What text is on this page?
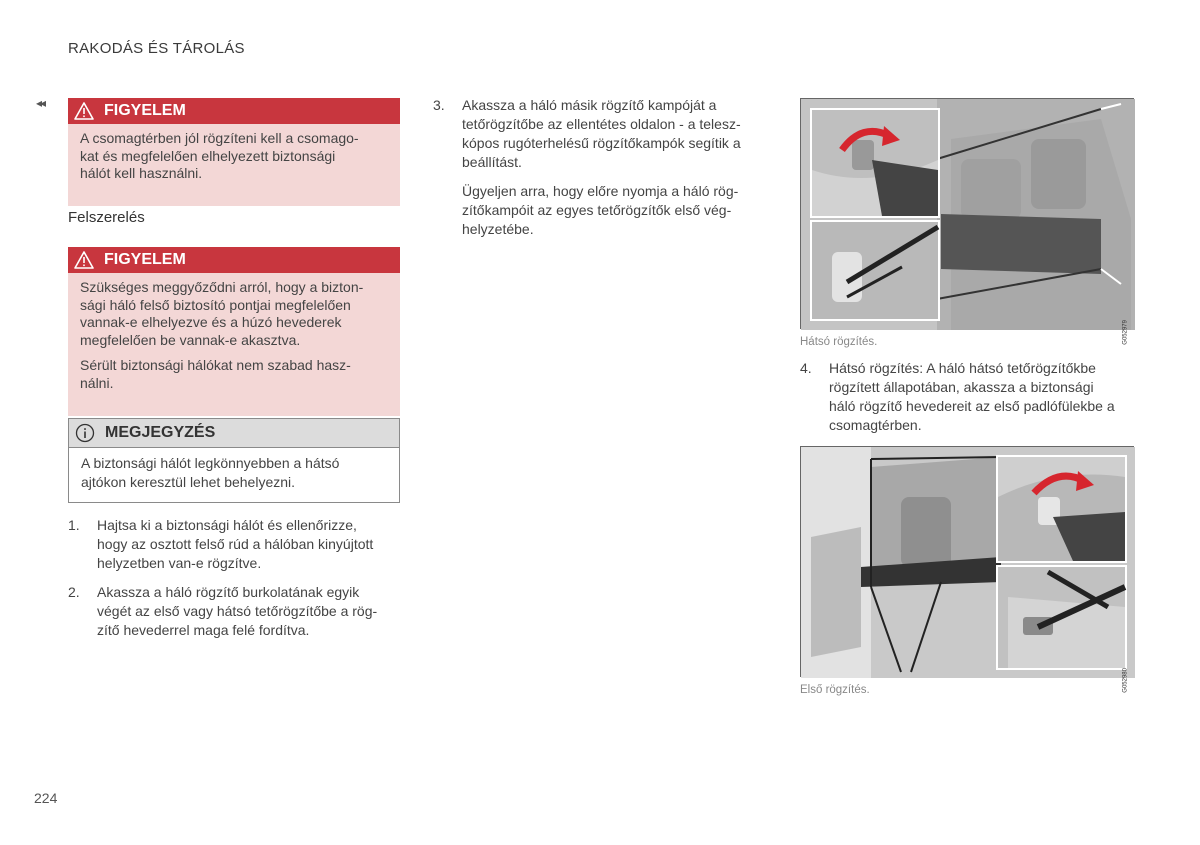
RAKODÁS ÉS TÁROLÁS
◂◂	FIGYELEM

A csomagtérben jól rögzíteni kell a csomago-
kat és megfelelően elhelyezett biztonsági
hálót kell használni.

Felszerelés
FIGYELEM

Szükséges meggyőződni arról, hogy a bizton-
sági háló felső biztosító pontjai megfelelően
vannak-e elhelyezve és a húzó hevederek
megfelelően be vannak-e akasztva.

Sérült biztonsági hálókat nem szabad hasz-
nálni.

MEGJEGYZÉS
A biztonsági hálót legkönnyebben a hátsó
ajtókon keresztül lehet behelyezni.
1. Hajtsa ki a biztonsági hálót és ellenőrizze,
hogy az osztott felső rúd a hálóban kinyújtott
helyzetben van-e rögzítve.
2. Akassza a háló rögzítő burkolatának egyik
végét az első vagy hátsó tetőrögzítőbe a rög-
zítő hevederrel maga felé fordítva.
3. Akassza a háló másik rögzítő kampóját a
tetőrögzítőbe az ellentétes oldalon - a telesz-
kópos rugóterhelésű rögzítőkampók segítik a
beállítást.
Ügyeljen arra, hogy előre nyomja a háló rög-
zítőkampóit az egyes tetőrögzítők első vég-
helyzetébe.
G052979
Hátsó rögzítés.
4. Hátsó rögzítés: A háló hátsó tetőrögzítőkbe
rögzített állapotában, akassza a biztonsági
háló rögzítő hevedereit az első padlófülekbe a
csomagtérben.
G052980
Első rögzítés.
224
